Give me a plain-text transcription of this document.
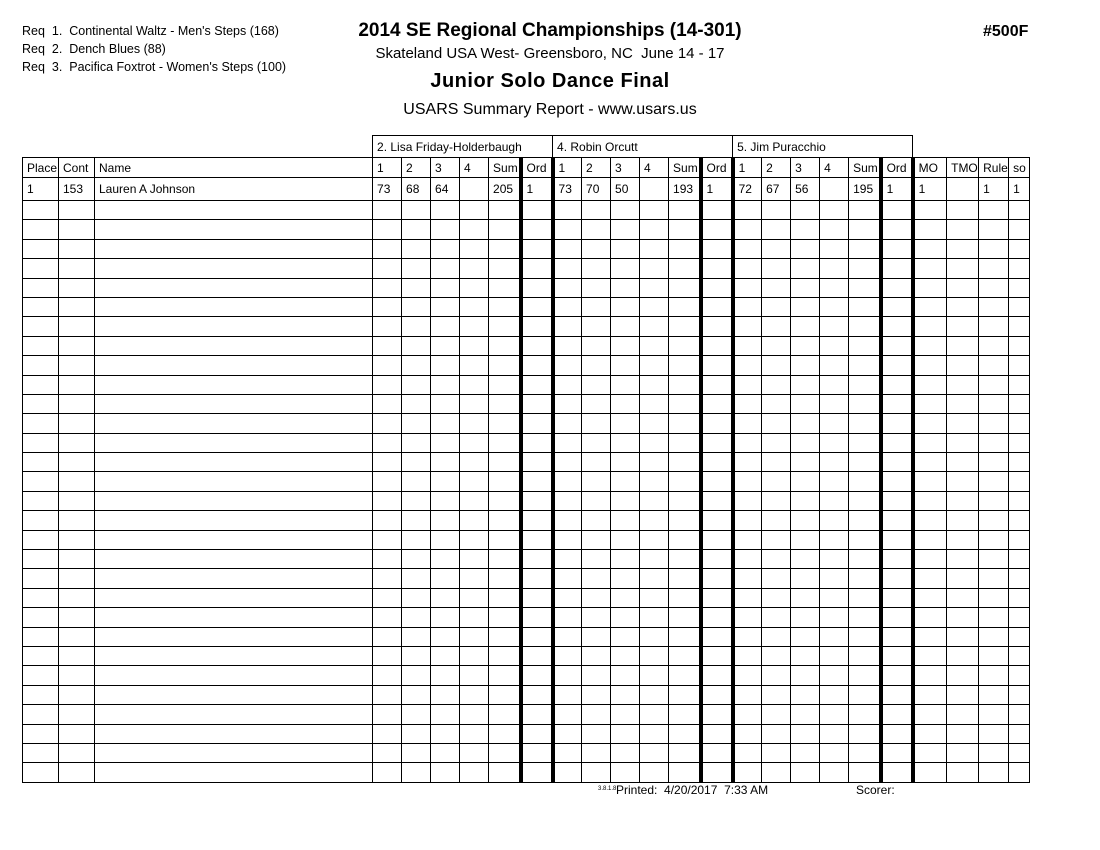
Req  1.  Continental Waltz - Men's Steps (168)
Req  2.  Dench Blues (88)
Req  3.  Pacifica Foxtrot - Women's Steps (100)
2014 SE Regional Championships (14-301)
Skateland USA West- Greensboro, NC  June 14 - 17
Junior Solo Dance Final
USARS Summary Report - www.usars.us
#500F
			2. Lisa Friday-Holderbaugh						4. Robin Orcutt						5. Jim Puracchio									
Place	Cont	Name	1	2	3	4	Sum	Ord	1	2	3	4	Sum	Ord	1	2	3	4	Sum	Ord	MO	TMO	Rule	so
1	153	Lauren A Johnson	73	68	64		205	1	73	70	50		193	1	72	67	56		195	1	1		1	1

3.8.1.8 Printed:  4/20/2017  7:33 AM	Scorer:
